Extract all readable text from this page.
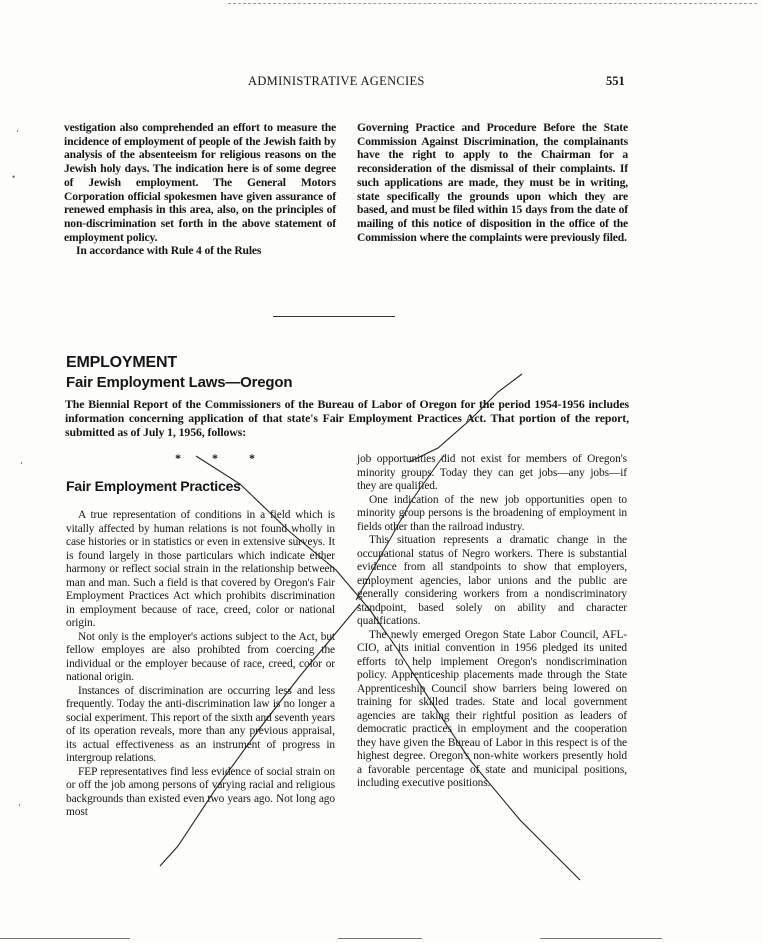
ADMINISTRATIVE AGENCIES	551

vestigation also comprehended an effort to measure the incidence of employment of people of the Jewish faith by analysis of the absenteeism for religious reasons on the Jewish holy days. The indication here is of some degree of Jewish employment. The General Motors Corporation official spokesmen have given assurance of renewed emphasis in this area, also, on the principles of non-discrimination set forth in the above statement of employment policy.

In accordance with Rule 4 of the Rules

Governing Practice and Procedure Before the State Commission Against Discrimination, the complainants have the right to apply to the Chairman for a reconsideration of the dismissal of their complaints. If such applications are made, they must be in writing, state specifically the grounds upon which they are based, and must be filed within 15 days from the date of mailing of this notice of disposition in the office of the Commission where the complaints were previously filed.

EMPLOYMENT
Fair Employment Laws—Oregon
The Biennial Report of the Commissioners of the Bureau of Labor of Oregon for the period 1954-1956 includes information concerning application of that state's Fair Employment Practices Act. That portion of the report, submitted as of July 1, 1956, follows:
* * *
Fair Employment Practices

A true representation of conditions in a field which is vitally affected by human relations is not found wholly in case histories or in statistics or even in extensive surveys. It is found largely in those particulars which indicate either harmony or reflect social strain in the relationship between man and man. Such a field is that covered by Oregon's Fair Employment Practices Act which prohibits discrimination in employment because of race, creed, color or national origin.

Not only is the employer's actions subject to the Act, but fellow employes are also prohibted from coercing the individual or the employer because of race, creed, color or national origin.

Instances of discrimination are occurring less and less frequently. Today the anti-discrimination law is no longer a social experiment. This report of the sixth and seventh years of its operation reveals, more than any previous appraisal, its actual effectiveness as an instrument of progress in intergroup relations.

FEP representatives find less evidence of social strain on or off the job among persons of varying racial and religious backgrounds than existed even two years ago. Not long ago most

job opportunities did not exist for members of Oregon's minority groups. Today they can get jobs—any jobs—if they are qualified.

One indication of the new job opportunities open to minority group persons is the broadening of employment in fields other than the railroad industry.

This situation represents a dramatic change in the occupational status of Negro workers. There is substantial evidence from all standpoints to show that employers, employment agencies, labor unions and the public are generally considering workers from a nondiscriminatory standpoint, based solely on ability and character qualifications.

The newly emerged Oregon State Labor Council, AFL-CIO, at its initial convention in 1956 pledged its united efforts to help implement Oregon's nondiscrimination policy. Apprenticeship placements made through the State Apprenticeship Council show barriers being lowered on training for skilled trades. State and local government agencies are taking their rightful position as leaders of democratic practices in employment and the cooperation they have given the Bureau of Labor in this respect is of the highest degree. Oregon's non-white workers presently hold a favorable percentage of state and municipal positions, including executive positions.

ʻ
•
ʻ
ʻ
